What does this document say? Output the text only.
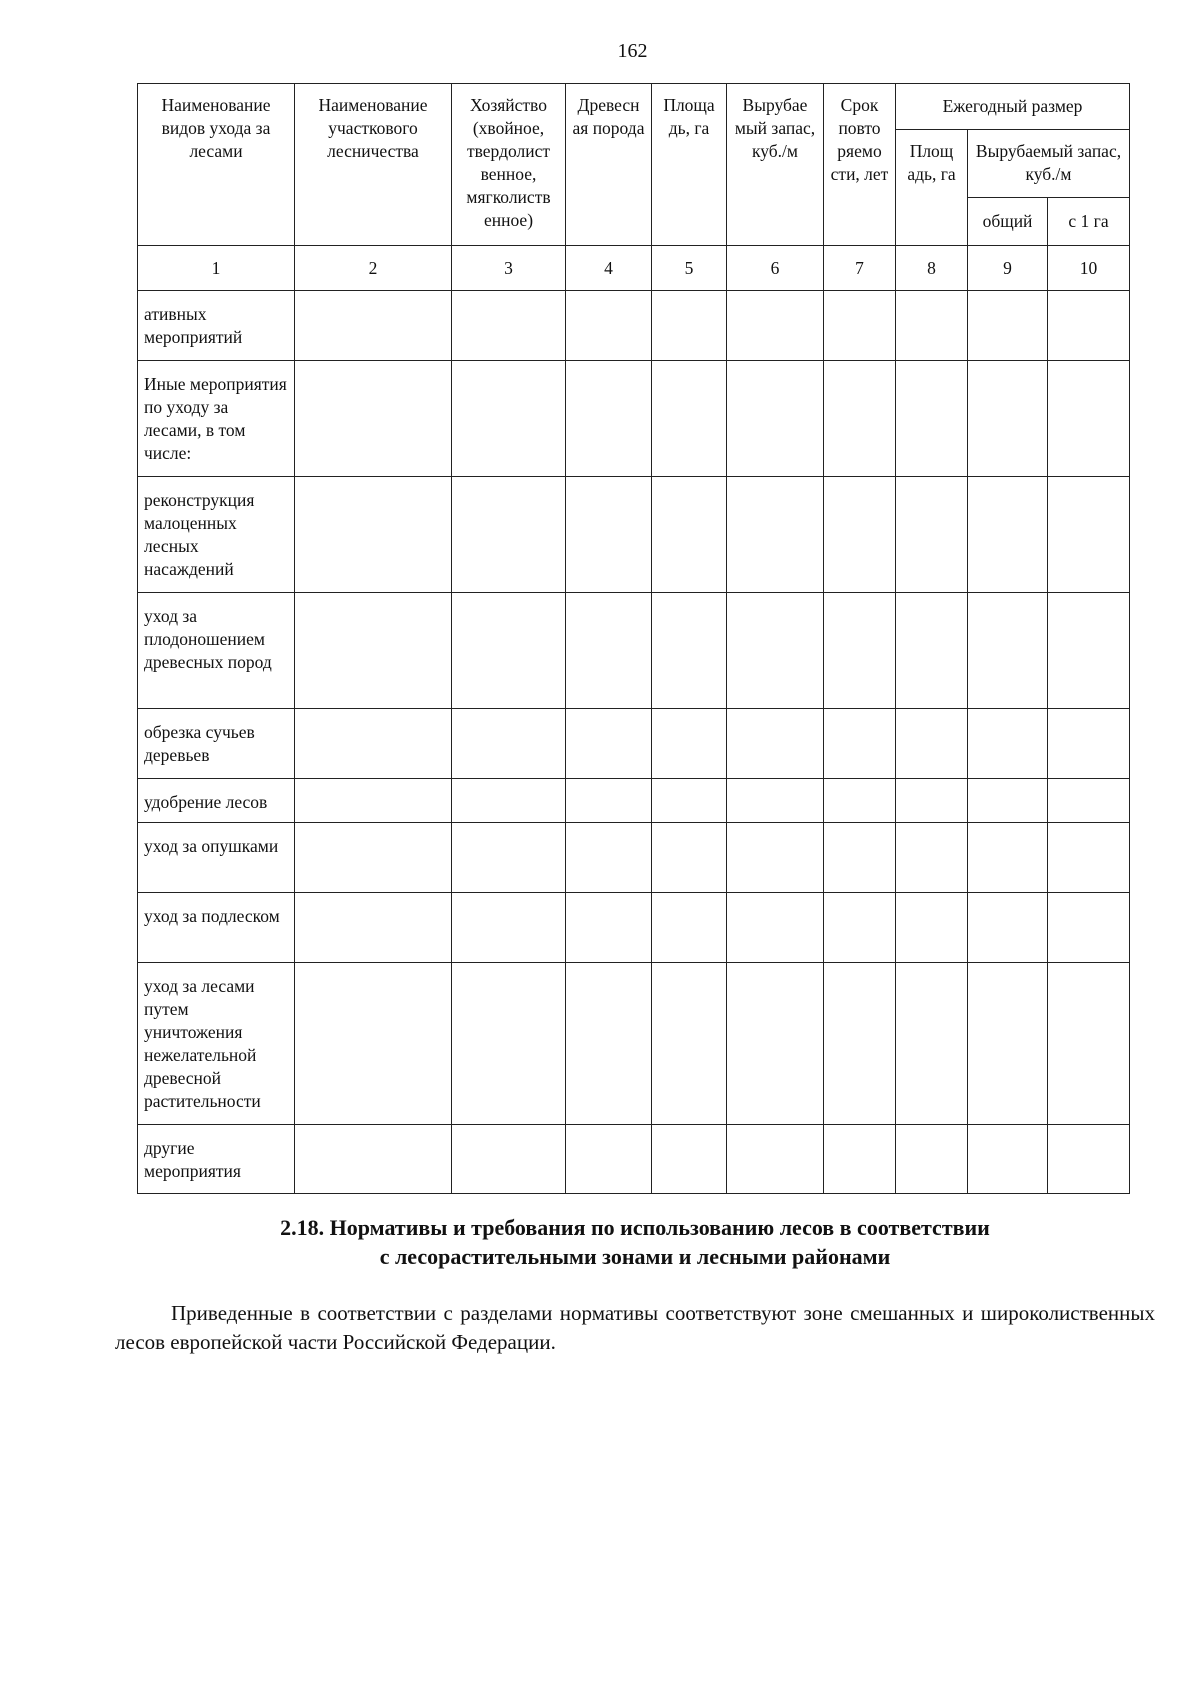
162
Наименование видов ухода за лесами	Наименование участкового лесничества	Хозяйство (хвойное, твердолист венное, мягколиств енное)	Древесн ая порода	Площа дь, га	Вырубае мый запас, куб./м	Срок повто ряемо сти, лет	Ежегодный размер		
							Площ адь, га	Вырубаемый запас, куб./м	
								общий	с 1 га
1	2	3	4	5	6	7	8	9	10
ативных мероприятий									
Иные мероприятия по уходу за лесами, в том числе:									
реконструкция малоценных лесных насаждений									
уход за плодоношением древесных пород									
обрезка сучьев деревьев									
удобрение лесов									
уход за опушками									
уход за подлеском									
уход за лесами путем уничтожения нежелательной древесной растительности									
другие мероприятия									
2.18. Нормативы и требования по использованию лесов в соответствии
с лесорастительными зонами и лесными районами

Приведенные в соответствии с разделами нормативы соответствуют зоне смешанных и широколиственных лесов европейской части Российской Федерации.
